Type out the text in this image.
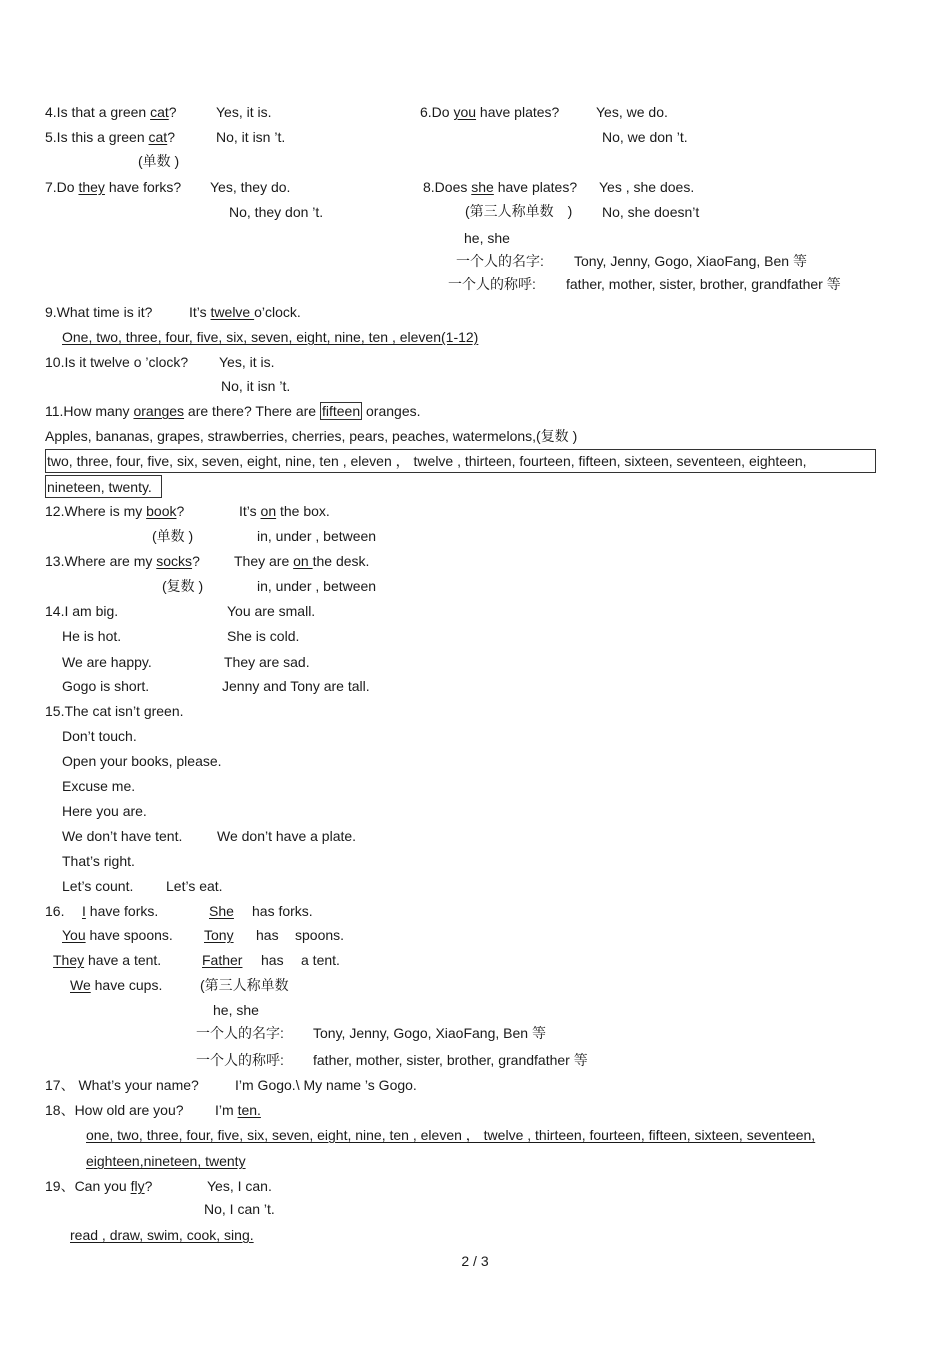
4.Is that a green cat?	Yes, it is.	6.Do you have plates?	Yes, we do.
5.Is this a green cat?	No, it isn ’t.	No, we don ’t.
(单数 )
7.Do they have forks? Yes, they do.	8.Does she have plates? Yes , she does.
No, they don ’t.	(第三人称单数　) No, she doesn’t
he, she
一个人的名字: Tony, Jenny, Gogo, XiaoFang, Ben 等
一个人的称呼: father, mother, sister, brother, grandfather 等
9.What time is it?	It’s twelve o’clock.
One, two, three, four, five, six, seven, eight, nine, ten , eleven(1-12)
10.Is it twelve o ’clock? Yes, it is.
No, it isn ’t.
11.How many oranges are there? There are fifteen oranges.
Apples, bananas, grapes, strawberries, cherries, pears, peaches, watermelons,(复数 )
two, three, four, five, six, seven, eight, nine, ten , eleven ， twelve , thirteen, fourteen, fifteen, sixteen, seventeen, eighteen,
nineteen, twenty.
12.Where is my book?	It’s on the box.
(单数 )	in, under , between
13.Where are my socks? They are on the desk.
(复数 )	in, under , between
14.I am big.	You are small.
He is hot.	She is cold.
We are happy.	They are sad.
Gogo is short.	Jenny and Tony are tall.
15.The cat isn’t green.
Don’t touch.
Open your books, please.
Excuse me.
Here you are.
We don’t have tent. We don’t have a plate.
That’s right.
Let’s count. Let’s eat.
16. I have forks.	She has forks.
You have spoons. Tony has spoons.
They have a tent.	Father has a tent.
We have cups.	(第三人称单数
he, she
一个人的名字: Tony, Jenny, Gogo, XiaoFang, Ben 等
一个人的称呼: father, mother, sister, brother, grandfather 等
17、 What’s your name?	I’m Gogo.\ My name ’s Gogo.
18、How old are you? I’m ten.
one, two, three, four, five, six, seven, eight, nine, ten , eleven ， twelve , thirteen, fourteen, fifteen, sixteen, seventeen,
eighteen,nineteen, twenty
19、Can you fly?	Yes, I can.
No, I can ’t.
read , draw, swim, cook, sing.
2 / 3
